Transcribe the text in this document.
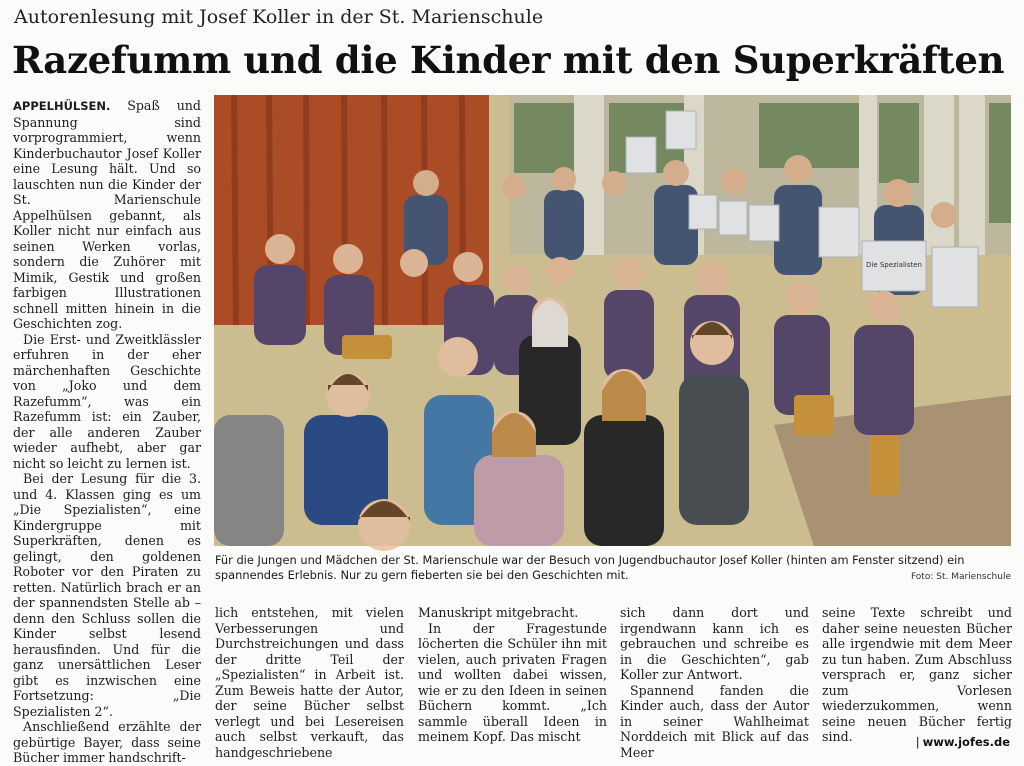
Autorenlesung mit Josef Koller in der St. Marienschule
Razefumm und die Kinder mit den Superkräften

APPELHÜLSEN. Spaß und Spannung sind vorprogrammiert, wenn Kinderbuchautor Josef Koller eine Lesung hält. Und so lauschten nun die Kinder der St. Marienschule Appelhülsen gebannt, als Koller nicht nur einfach aus seinen Werken vorlas, sondern die Zuhörer mit Mimik, Gestik und großen farbigen Illustrationen schnell mitten hinein in die Geschichten zog.

Die Erst- und Zweitklässler erfuhren in der eher märchenhaften Geschichte von „Joko und dem Razefumm“, was ein Razefumm ist: ein Zauber, der alle anderen Zauber wieder aufhebt, aber gar nicht so leicht zu lernen ist.

Bei der Lesung für die 3. und 4. Klassen ging es um „Die Spezialisten“, eine Kindergruppe mit Superkräften, denen es gelingt, den goldenen Roboter vor den Piraten zu retten. Natürlich brach er an der spannendsten Stelle ab – denn den Schluss sollen die Kinder selbst lesend herausfinden. Und für die ganz unersättlichen Leser gibt es inzwischen eine Fortsetzung: „Die Spezialisten 2“.

Anschließend erzählte der gebürtige Bayer, dass seine Bücher immer handschrift-

Die Spezialisten
Für die Jungen und Mädchen der St. Marienschule war der Besuch von Jugendbuchautor Josef Koller (hinten am Fenster sitzend) ein spannendes Erlebnis. Nur zu gern fieberten sie bei den Geschichten mit.	Foto: St. Marienschule

lich entstehen, mit vielen Verbesserungen und Durchstreichungen und dass der dritte Teil der „Spezialisten“ in Arbeit ist. Zum Beweis hatte der Autor, der seine Bücher selbst verlegt und bei Lesereisen auch selbst verkauft, das handgeschriebene

Manuskript mitgebracht.

In der Fragestunde löcherten die Schüler ihn mit vielen, auch privaten Fragen und wollten dabei wissen, wie er zu den Ideen in seinen Büchern kommt. „Ich sammle überall Ideen in meinem Kopf. Das mischt

sich dann dort und irgendwann kann ich es gebrauchen und schreibe es in die Geschichten“, gab Koller zur Antwort.

Spannend fanden die Kinder auch, dass der Autor in seiner Wahlheimat Norddeich mit Blick auf das Meer

seine Texte schreibt und daher seine neuesten Bücher alle irgendwie mit dem Meer zu tun haben. Zum Abschluss versprach er, ganz sicher zum Vorlesen wiederzukommen, wenn seine neuen Bücher fertig sind.	| www.jofes.de
